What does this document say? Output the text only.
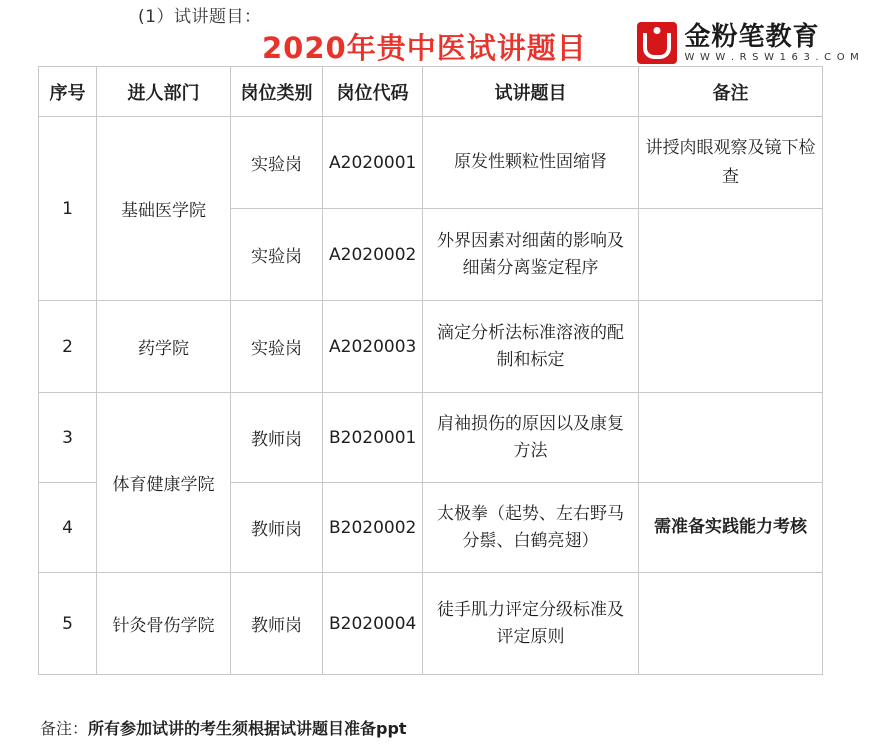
(1）试讲题目：
2020年贵中医试讲题目	金粉笔教育
W W W . R S W 1 6 3 . C O M
序号	进人部门	岗位类别	岗位代码	试讲题目	备注
1	基础医学院	实验岗	A2020001	原发性颗粒性固缩肾	讲授肉眼观察及镜下检查
		实验岗	A2020002	外界因素对细菌的影响及细菌分离鉴定程序	
2	药学院	实验岗	A2020003	滴定分析法标准溶液的配制和标定	
3	体育健康学院	教师岗	B2020001	肩袖损伤的原因以及康复方法	
4		教师岗	B2020002	太极拳（起势、左右野马分鬃、白鹤亮翅）	需准备实践能力考核
5	针灸骨伤学院	教师岗	B2020004	徒手肌力评定分级标准及评定原则	
备注：所有参加试讲的考生须根据试讲题目准备ppt
